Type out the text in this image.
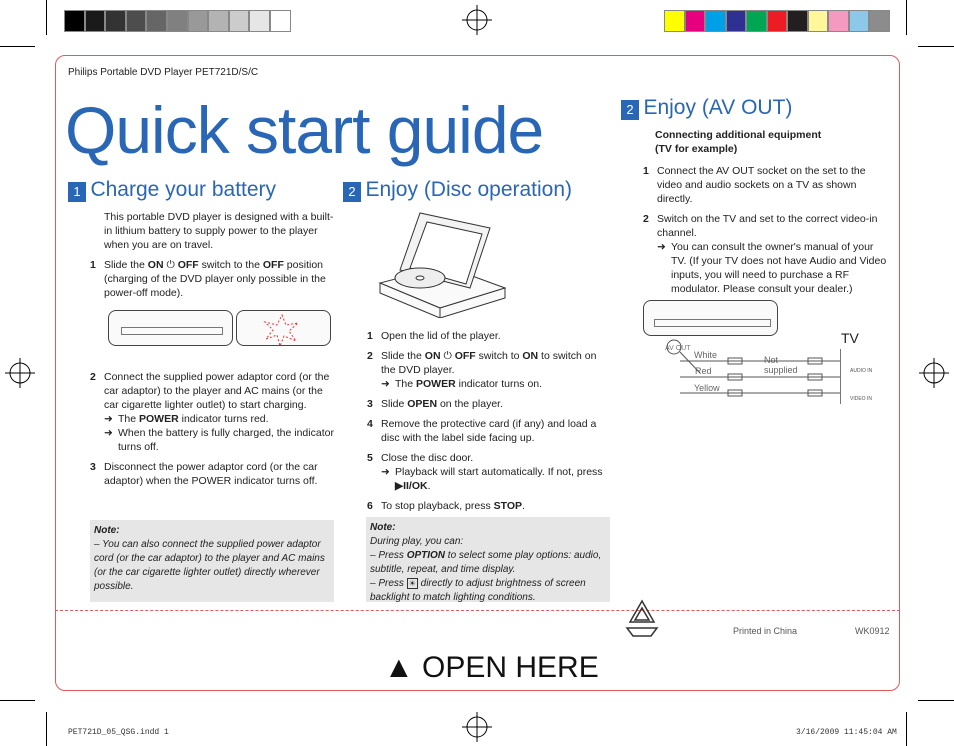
Philips Portable DVD Player PET721D/S/C
Quick start guide
1 Charge your battery
This portable DVD player is designed with a built-in lithium battery to supply power to the player when you are on travel.
1 Slide the ON ⏻ OFF switch to the OFF position (charging of the DVD player only possible in the power-off mode).
2 Connect the supplied power adaptor cord (or the car adaptor) to the player and AC mains (or the car cigarette lighter outlet) to start charging.
➜ The POWER indicator turns red.
➜ When the battery is fully charged, the indicator turns off.
3 Disconnect the power adaptor cord (or the car adaptor) when the POWER indicator turns off.
Note:
– You can also connect the supplied power adaptor cord (or the car adaptor) to the player and AC mains (or the car cigarette lighter outlet) directly wherever possible.
2 Enjoy (Disc operation)
1 Open the lid of the player.
2 Slide the ON ⏻ OFF switch to ON to switch on the DVD player.
➜ The POWER indicator turns on.
3 Slide OPEN on the player.
4 Remove the protective card (if any) and load a disc with the label side facing up.
5 Close the disc door.
➜ Playback will start automatically. If not, press ▶II/OK.
6 To stop playback, press STOP.
Note:
During play, you can:
– Press OPTION to select some play options: audio, subtitle, repeat, and time display.
– Press ☀ directly to adjust brightness of screen backlight to match lighting conditions.
2 Enjoy (AV OUT)
Connecting additional equipment
(TV for example)
1 Connect the AV OUT socket on the set to the video and audio sockets on a TV as shown directly.
2 Switch on the TV and set to the correct video-in channel.
➜ You can consult the owner's manual of your TV. (If your TV does not have Audio and Video inputs, you will need to purchase a RF modulator. Please consult your dealer.)
AV OUT
TV
White
Red
Yellow
Not supplied	AUDIO IN
VIDEO IN
Printed in China	WK0912
▲ OPEN HERE
PET721D_05_QSG.indd 1	3/16/2009 11:45:04 AM
